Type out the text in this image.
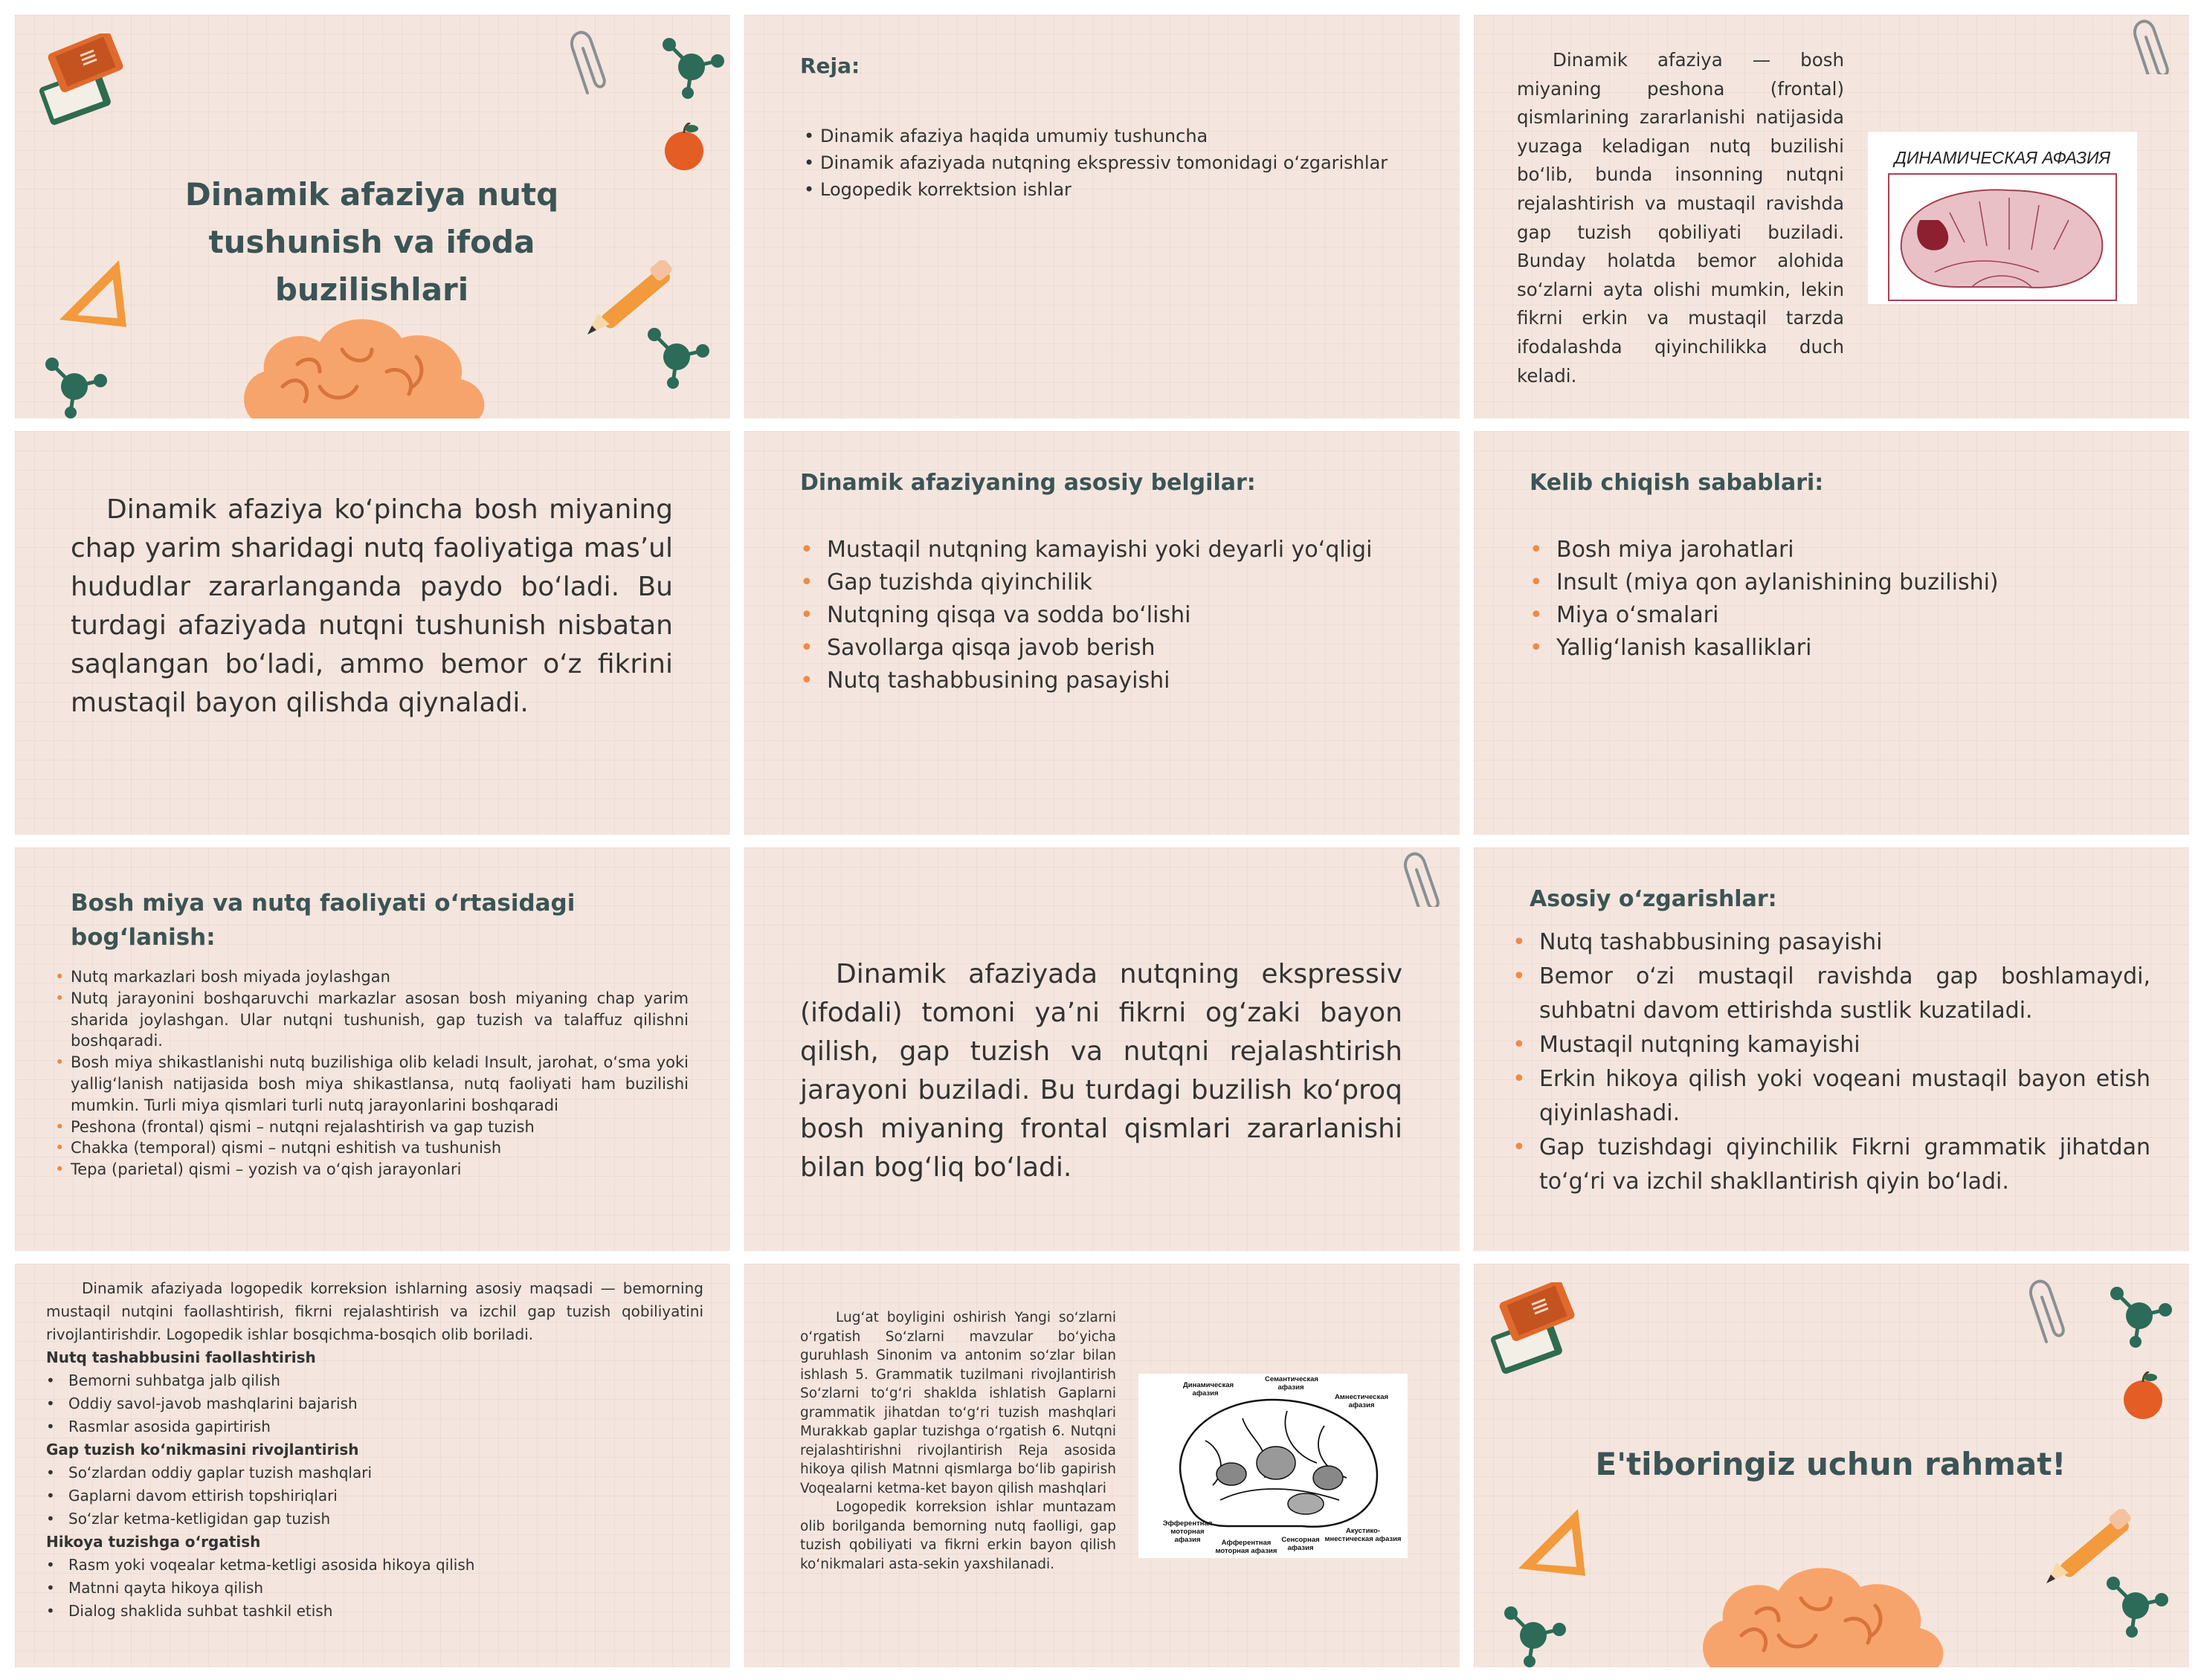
Dinamik afaziya nutq tushunish va ifoda buzilishlari
Reja:
• Dinamik afaziya haqida umumiy tushuncha
• Dinamik afaziyada nutqning ekspressiv tomonidagi o‘zgarishlar
• Logopedik korrektsion ishlar
Dinamik afaziya — bosh miyaning peshona (frontal) qismlarining zararlanishi natijasida yuzaga keladigan nutq buzilishi bo‘lib, bunda insonning nutqni rejalashtirish va mustaqil ravishda gap tuzish qobiliyati buziladi. Bunday holatda bemor alohida so‘zlarni ayta olishi mumkin, lekin fikrni erkin va mustaqil tarzda ifodalashda qiyinchilikka duch keladi.
ДИНАМИЧЕСКАЯ АФАЗИЯ
Dinamik afaziya ko‘pincha bosh miyaning chap yarim sharidagi nutq faoliyatiga mas’ul hududlar zararlanganda paydo bo‘ladi. Bu turdagi afaziyada nutqni tushunish nisbatan saqlangan bo‘ladi, ammo bemor o‘z fikrini mustaqil bayon qilishda qiynaladi.
Dinamik afaziyaning asosiy belgilar:
• Mustaqil nutqning kamayishi yoki deyarli yo‘qligi
• Gap tuzishda qiyinchilik
• Nutqning qisqa va sodda bo‘lishi
• Savollarga qisqa javob berish
• Nutq tashabbusining pasayishi
Kelib chiqish sabablari:
• Bosh miya jarohatlari
• Insult (miya qon aylanishining buzilishi)
• Miya o‘smalari
• Yallig‘lanish kasalliklari
Bosh miya va nutq faoliyati o‘rtasidagi bog‘lanish:
• Nutq markazlari bosh miyada joylashgan
• Nutq jarayonini boshqaruvchi markazlar asosan bosh miyaning chap yarim sharida joylashgan. Ular nutqni tushunish, gap tuzish va talaffuz qilishni boshqaradi.
• Bosh miya shikastlanishi nutq buzilishiga olib keladi Insult, jarohat, o‘sma yoki yallig‘lanish natijasida bosh miya shikastlansa, nutq faoliyati ham buzilishi mumkin. Turli miya qismlari turli nutq jarayonlarini boshqaradi
• Peshona (frontal) qismi – nutqni rejalashtirish va gap tuzish
• Chakka (temporal) qismi – nutqni eshitish va tushunish
• Tepa (parietal) qismi – yozish va o‘qish jarayonlari
Dinamik afaziyada nutqning ekspressiv (ifodali) tomoni ya’ni fikrni og‘zaki bayon qilish, gap tuzish va nutqni rejalashtirish jarayoni buziladi. Bu turdagi buzilish ko‘proq bosh miyaning frontal qismlari zararlanishi bilan bog‘liq bo‘ladi.
Asosiy o‘zgarishlar:
• Nutq tashabbusining pasayishi
• Bemor o‘zi mustaqil ravishda gap boshlamaydi, suhbatni davom ettirishda sustlik kuzatiladi.
• Mustaqil nutqning kamayishi
• Erkin hikoya qilish yoki voqeani mustaqil bayon etish qiyinlashadi.
• Gap tuzishdagi qiyinchilik Fikrni grammatik jihatdan to‘g‘ri va izchil shakllantirish qiyin bo‘ladi.
Dinamik afaziyada logopedik korreksion ishlarning asosiy maqsadi — bemorning mustaqil nutqini faollashtirish, fikrni rejalashtirish va izchil gap tuzish qobiliyatini rivojlantirishdir. Logopedik ishlar bosqichma-bosqich olib boriladi.
Nutq tashabbusini faollashtirish
• Bemorni suhbatga jalb qilish
• Oddiy savol-javob mashqlarini bajarish
• Rasmlar asosida gapirtirish
Gap tuzish ko‘nikmasini rivojlantirish
• So‘zlardan oddiy gaplar tuzish mashqlari
• Gaplarni davom ettirish topshiriqlari
• So‘zlar ketma-ketligidan gap tuzish
Hikoya tuzishga o‘rgatish
• Rasm yoki voqealar ketma-ketligi asosida hikoya qilish
• Matnni qayta hikoya qilish
• Dialog shaklida suhbat tashkil etish
Lug‘at boyligini oshirish Yangi so‘zlarni o‘rgatish So‘zlarni mavzular bo‘yicha guruhlash Sinonim va antonim so‘zlar bilan ishlash 5. Grammatik tuzilmani rivojlantirish So‘zlarni to‘g‘ri shaklda ishlatish Gaplarni grammatik jihatdan to‘g‘ri tuzish mashqlari Murakkab gaplar tuzishga o‘rgatish 6. Nutqni rejalashtirishni rivojlantirish Reja asosida hikoya qilish Matnni qismlarga bo‘lib gapirish Voqealarni ketma-ket bayon qilish mashqlari
Logopedik korreksion ishlar muntazam olib borilganda bemorning nutq faolligi, gap tuzish qobiliyati va fikrni erkin bayon qilish ko‘nikmalari asta-sekin yaxshilanadi.
Динамическая афазия
Семантическая афазия
Амнестическая афазия
Эфферентная моторная афазия	Афферентная моторная афазия
Сенсорная афазия
Акустико-мнестическая афазия
E'tiboringiz uchun rahmat!
